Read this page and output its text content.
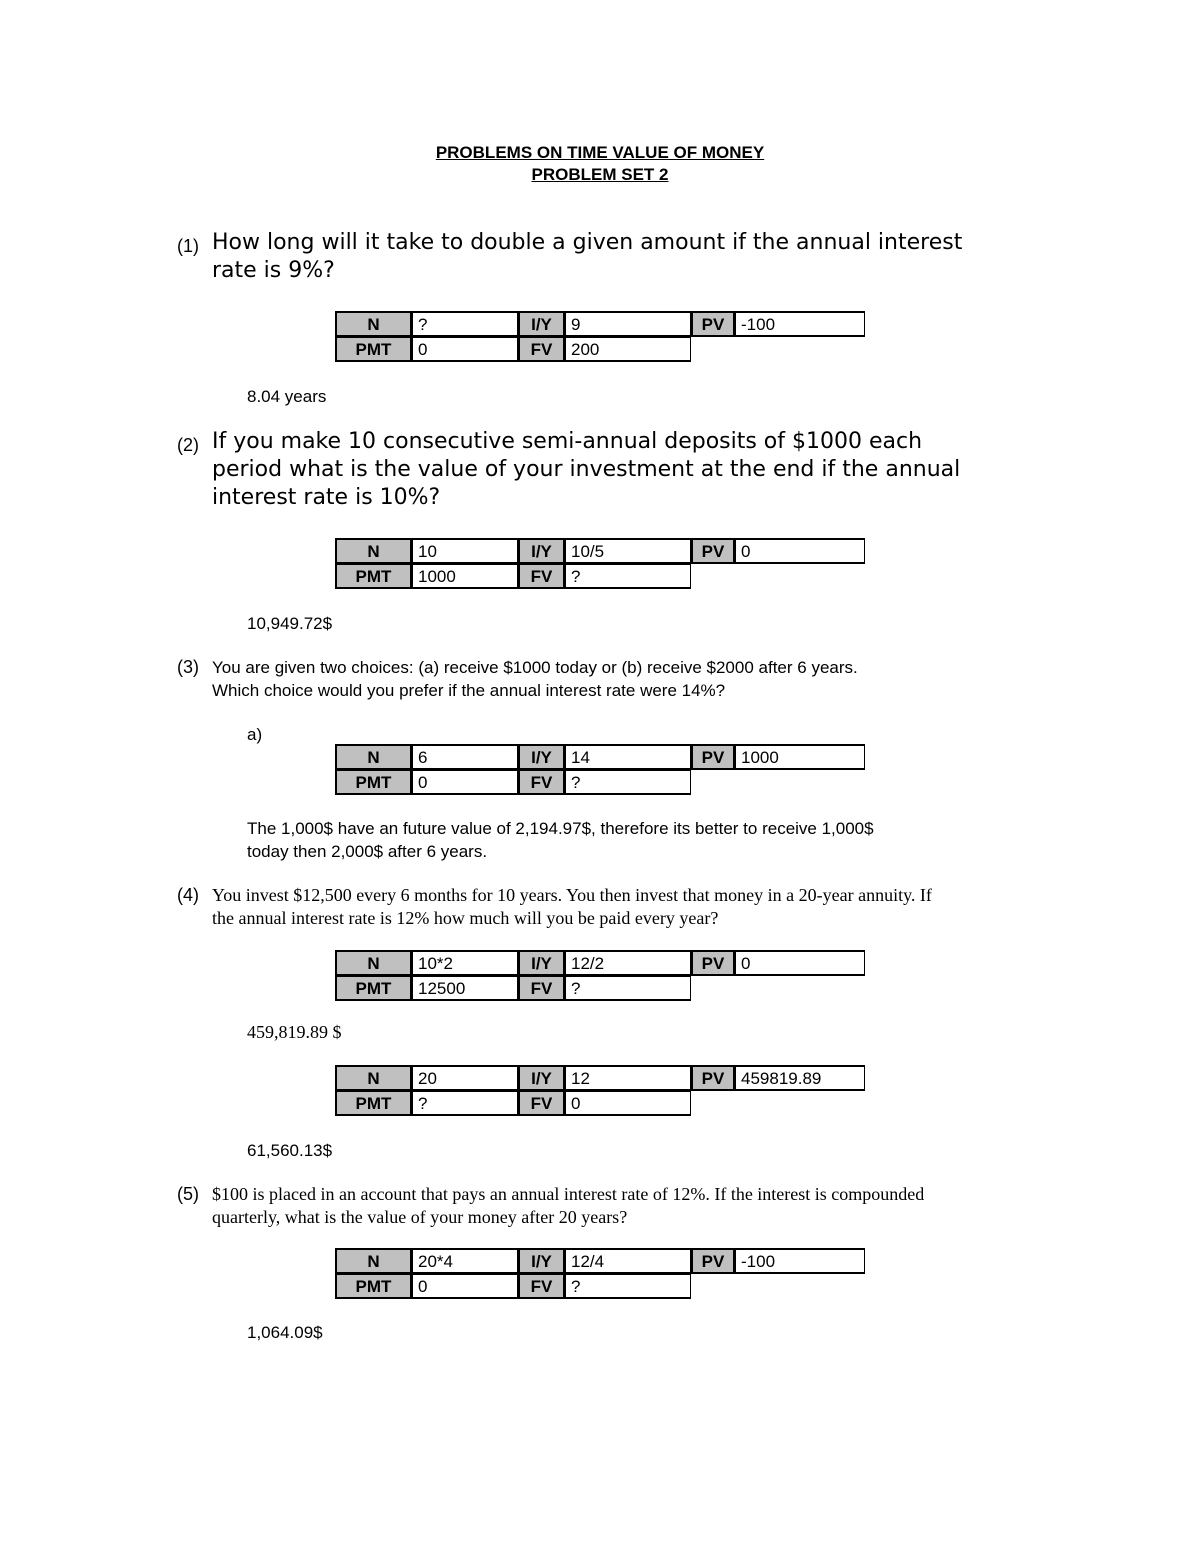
PROBLEMS ON TIME VALUE OF MONEY
PROBLEM SET 2
(1) How long will it take to double a given amount if the annual interest
rate is 9%?
N	?	I/Y	9	PV -100
PMT	0	FV	200
8.04 years
(2) If you make 10 consecutive semi-annual deposits of $1000 each
period what is the value of your investment at the end if the annual
interest rate is 10%?
N	10	I/Y	10/5	PV 0
PMT	1000	FV	?
10,949.72$
(3) You are given two choices: (a) receive $1000 today or (b) receive $2000 after 6 years.
Which choice would you prefer if the annual interest rate were 14%?
a)
N	6	I/Y	14	PV 1000
PMT	0	FV	?
The 1,000$ have an future value of 2,194.97$, therefore its better to receive 1,000$
today then 2,000$ after 6 years.
(4) You invest $12,500 every 6 months for 10 years. You then invest that money in a 20-year annuity. If
the annual interest rate is 12% how much will you be paid every year?
N	10*2	I/Y	12/2	PV 0
PMT	12500	FV	?
459,819.89 $
N	20	I/Y	12	PV 459819.89
PMT	?	FV	0
61,560.13$
(5) $100 is placed in an account that pays an annual interest rate of 12%. If the interest is compounded
quarterly, what is the value of your money after 20 years?
N	20*4	I/Y	12/4	PV -100
PMT	0	FV	?
1,064.09$
